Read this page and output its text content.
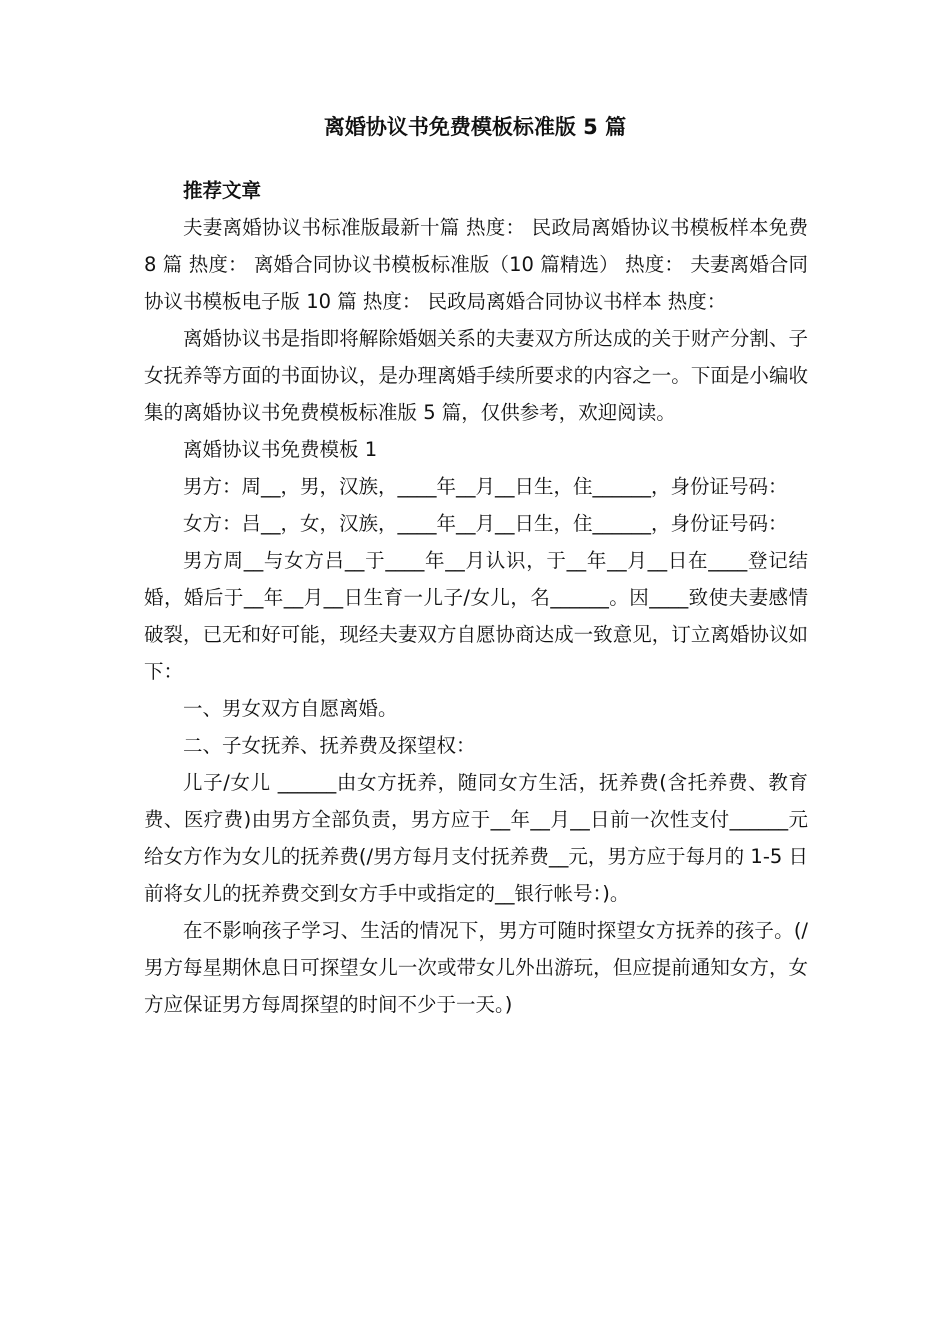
离婚协议书免费模板标准版 5 篇

推荐文章

夫妻离婚协议书标准版最新十篇 热度： 民政局离婚协议书模板样本免费 8 篇 热度： 离婚合同协议书模板标准版（10 篇精选） 热度： 夫妻离婚合同协议书模板电子版 10 篇 热度： 民政局离婚合同协议书样本 热度：

离婚协议书是指即将解除婚姻关系的夫妻双方所达成的关于财产分割、子女抚养等方面的书面协议，是办理离婚手续所要求的内容之一。下面是小编收集的离婚协议书免费模板标准版 5 篇，仅供参考，欢迎阅读。

离婚协议书免费模板 1

男方：周__，男，汉族，____年__月__日生，住______，身份证号码：

女方：吕__，女，汉族，____年__月__日生，住______，身份证号码：

男方周__与女方吕__于____年__月认识，于__年__月__日在____登记结婚，婚后于__年__月__日生育一儿子/女儿，名______。因____致使夫妻感情破裂，已无和好可能，现经夫妻双方自愿协商达成一致意见，订立离婚协议如下：

一、男女双方自愿离婚。

二、子女抚养、抚养费及探望权：

儿子/女儿 ______由女方抚养，随同女方生活，抚养费(含托养费、教育费、医疗费)由男方全部负责，男方应于__年__月__日前一次性支付______元给女方作为女儿的抚养费(/男方每月支付抚养费__元，男方应于每月的 1-5 日前将女儿的抚养费交到女方手中或指定的__银行帐号：)。

在不影响孩子学习、生活的情况下，男方可随时探望女方抚养的孩子。(/男方每星期休息日可探望女儿一次或带女儿外出游玩，但应提前通知女方，女方应保证男方每周探望的时间不少于一天。)
